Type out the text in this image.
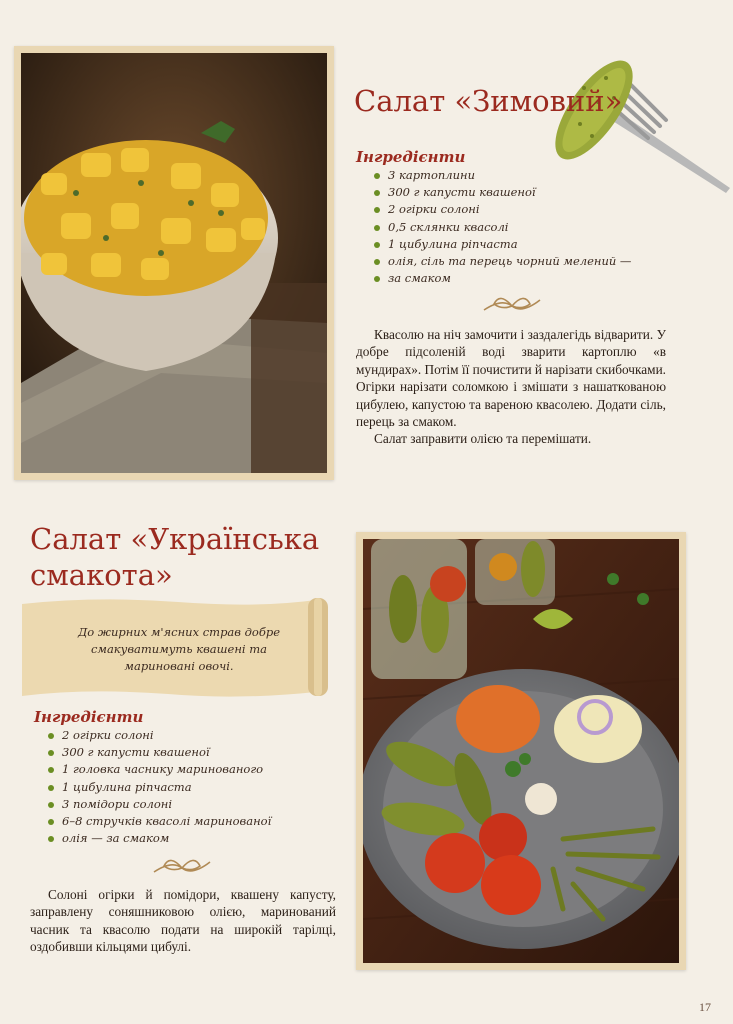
Салат «Зимовий»
Інгредієнти
3 картоплини
300 г капусти квашеної
2 огірки солоні
0,5 склянки квасолі
1 цибулина ріпчаста
олія, сіль та перець чорний мелений —
за смаком

Квасолю на ніч замочити і заздалегідь відварити. У добре підсоленій воді зварити картоплю «в мундирах». Потім її почистити й нарізати скибочками. Огірки нарізати соломкою і змішати з нашаткованою цибулею, капустою та вареною квасолею. Додати сіль, перець за смаком.

Салат заправити олією та перемішати.

Салат «Українська
смакота»

До жирних м'ясних страв добре смакуватимуть квашені та мариновані овочі.

Інгредієнти
2 огірки солоні
300 г капусти квашеної
1 головка часнику маринованого
1 цибулина ріпчаста
3 помідори солоні
6–8 стручків квасолі маринованої
олія — за смаком

Солоні огірки й помідори, квашену капусту, заправлену соняшниковою олією, маринований часник та квасолю подати на широкій тарілці, оздобивши кільцями цибулі.

17
